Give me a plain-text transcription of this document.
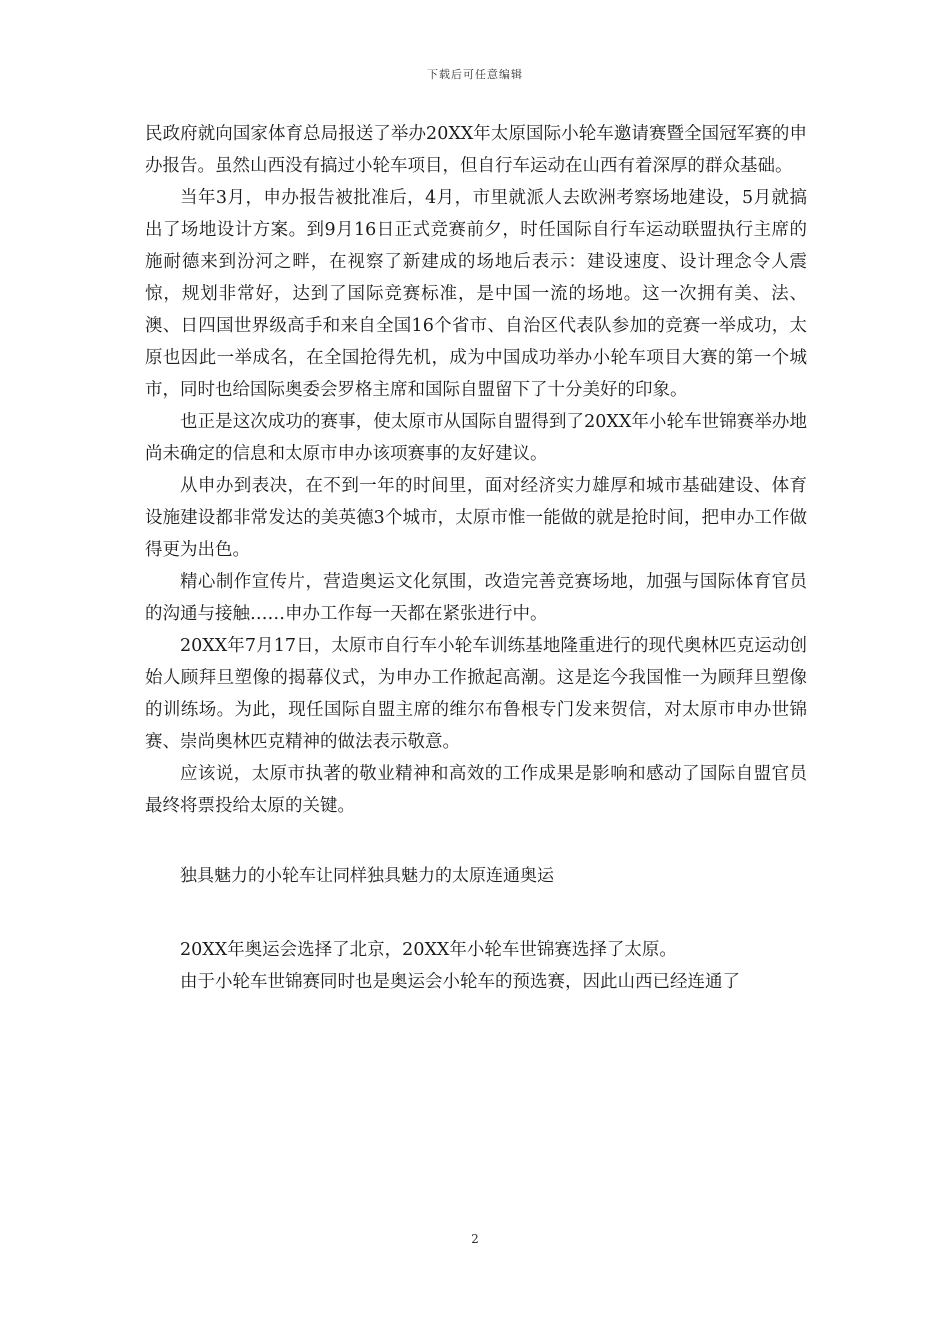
下载后可任意编辑

民政府就向国家体育总局报送了举办20XX年太原国际小轮车邀请赛暨全国冠军赛的申办报告。虽然山西没有搞过小轮车项目，但自行车运动在山西有着深厚的群众基础。

当年3月，申办报告被批准后，4月，市里就派人去欧洲考察场地建设，5月就搞出了场地设计方案。到9月16日正式竞赛前夕，时任国际自行车运动联盟执行主席的施耐德来到汾河之畔，在视察了新建成的场地后表示：建设速度、设计理念令人震惊，规划非常好，达到了国际竞赛标准，是中国一流的场地。这一次拥有美、法、澳、日四国世界级高手和来自全国16个省市、自治区代表队参加的竞赛一举成功，太原也因此一举成名，在全国抢得先机，成为中国成功举办小轮车项目大赛的第一个城市，同时也给国际奥委会罗格主席和国际自盟留下了十分美好的印象。

也正是这次成功的赛事，使太原市从国际自盟得到了20XX年小轮车世锦赛举办地尚未确定的信息和太原市申办该项赛事的友好建议。

从申办到表决，在不到一年的时间里，面对经济实力雄厚和城市基础建设、体育设施建设都非常发达的美英德3个城市，太原市惟一能做的就是抢时间，把申办工作做得更为出色。

精心制作宣传片，营造奥运文化氛围，改造完善竞赛场地，加强与国际体育官员的沟通与接触……申办工作每一天都在紧张进行中。

20XX年7月17日，太原市自行车小轮车训练基地隆重进行的现代奥林匹克运动创始人顾拜旦塑像的揭幕仪式，为申办工作掀起高潮。这是迄今我国惟一为顾拜旦塑像的训练场。为此，现任国际自盟主席的维尔布鲁根专门发来贺信，对太原市申办世锦赛、崇尚奥林匹克精神的做法表示敬意。

应该说，太原市执著的敬业精神和高效的工作成果是影响和感动了国际自盟官员最终将票投给太原的关键。

独具魅力的小轮车让同样独具魅力的太原连通奥运

20XX年奥运会选择了北京，20XX年小轮车世锦赛选择了太原。

由于小轮车世锦赛同时也是奥运会小轮车的预选赛，因此山西已经连通了

2
